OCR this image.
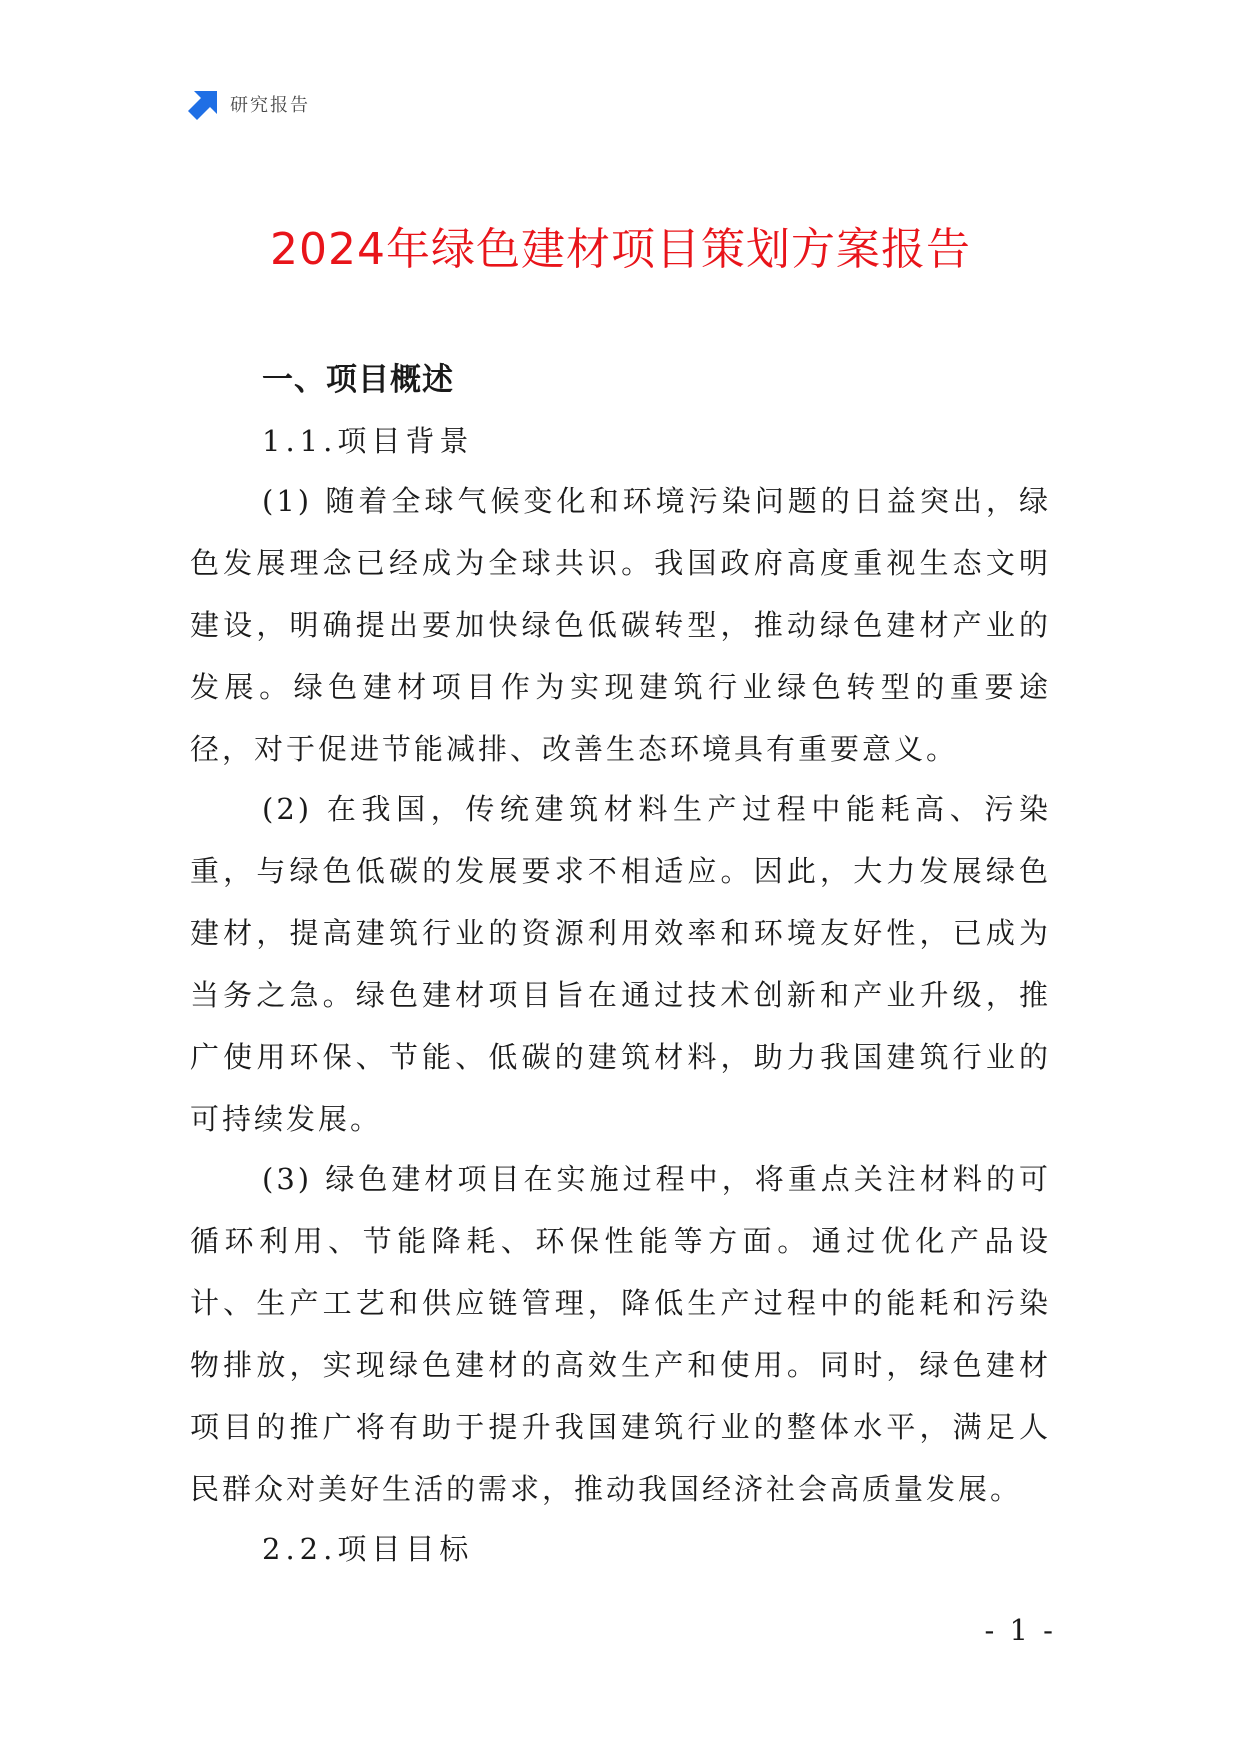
研究报告
2024年绿色建材项目策划方案报告
一、项目概述
1.1.项目背景

(1) 随着全球气候变化和环境污染问题的日益突出，绿色发展理念已经成为全球共识。我国政府高度重视生态文明建设，明确提出要加快绿色低碳转型，推动绿色建材产业的发展。绿色建材项目作为实现建筑行业绿色转型的重要途径，对于促进节能减排、改善生态环境具有重要意义。

(2) 在我国，传统建筑材料生产过程中能耗高、污染重，与绿色低碳的发展要求不相适应。因此，大力发展绿色建材，提高建筑行业的资源利用效率和环境友好性，已成为当务之急。绿色建材项目旨在通过技术创新和产业升级，推广使用环保、节能、低碳的建筑材料，助力我国建筑行业的可持续发展。

(3) 绿色建材项目在实施过程中，将重点关注材料的可循环利用、节能降耗、环保性能等方面。通过优化产品设计、生产工艺和供应链管理，降低生产过程中的能耗和污染物排放，实现绿色建材的高效生产和使用。同时，绿色建材项目的推广将有助于提升我国建筑行业的整体水平，满足人民群众对美好生活的需求，推动我国经济社会高质量发展。

2.2.项目目标
- 1 -
